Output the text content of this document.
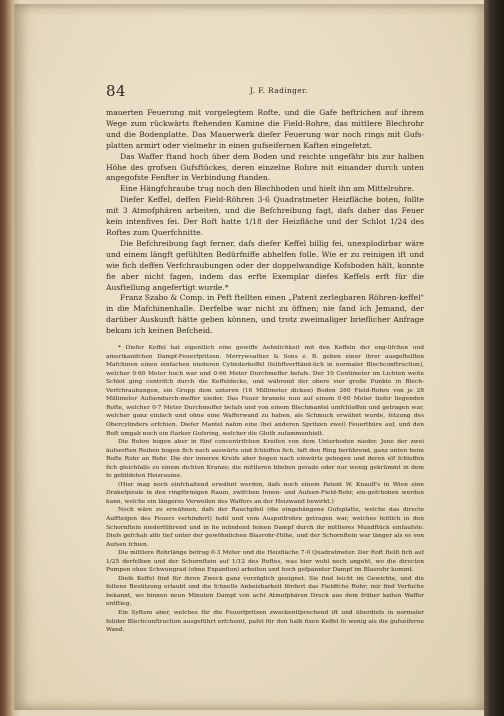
84	J. F. Radinger.

mauerten Feuerung mit vorgelegtem Rofte, und die Gafe beftrichen auf ihrem Wege zum rückwärts ftehenden Kamine die Field-Rohre, das mittlere Blechrohr und die Bodenplatte. Das Mauerwerk diefer Feuerung war noch rings mit Gufs-platten armirt oder vielmehr in einen gufseifernen Kaften eingefetzt.

Das Waffer ftand hoch über dem Boden und reichte ungefähr bis zur halben Höhe des grofsen Gufsftückes, deren einzelne Rohre mit einander durch unten angegofste Fenfter in Verbindung ftanden.

Eine Hängfchraube trug noch den Blechboden und hielt ihn am Mittelrohre.

Diefer Keffel, deffen Field-Röhren 3·6 Quadratmeter Heizfläche boten, follte mit 3 Atmofphären arbeiten, und die Befchreibung fagt, dafs daher das Feuer kein intenfives fei. Der Roft hatte 1/18 der Heizfläche und der Schlot 1/24 des Roftes zum Querfchnitte.

Die Befchreibung fagt ferner, dafs diefer Keffel billig fei, unexplodirbar wäre und einem längft gefühlten Bedürfniffe abhelfen folle. Wie er zu reinigen ift und wie fich deffen Verfchraubungen oder der doppelwandige Kofsboden hält, konnte fie aber nicht fagen, indem das erfte Exemplar diefes Keffels erft für die Ausftellung angefertigt wurde.*

Franz Szabo & Comp. in Peft ftellten einen „Patent zerlegbaren Röhren-keffel" in die Mafchinenhalle. Derfelbe war nicht zu öffnen; nie fand ich Jemand, der darüber Auskunft hätte geben können, und trotz zweimaliger brieflicher Anfrage bekam ich keinen Befcheid.

* Diefer Keffel hat eigentlich eine gewiffe Aehnlichkeit mit den Keffeln der eng-lifchen und amerikanifchen Dampf-Feuerfpritzen. Merryweather & Sons z. B. geben einer ihrer ausgeftellten Mafchinen einen einfachen niederen Cylinderkeffel (felbftverftänd-lich in normaler Blechconftruction), welcher 0·60 Meter hoch war und 0·66 Meter Durchmeffer befafs. Der 19 Centimeter im Lichten weite Schlot ging centrifch durch die Keffeldecke, und während der obere vier große Punkte in Blech-Verfchraubungen, ein Grupp dem unteren (16 Millimeter dicken) Boden 260 Field-Rohre von je 28 Millimeter Aufsendurch-meffer nieder. Das Feuer brannte nun auf einem 0·60 Meter tiefer liegenden Rofte, welcher 0·7 Meter Durchmeffer befafs und von einem Blechmantel umfchloffen und getragen war, welcher ganz einfach und ohne eine Wafferwand zu haben, als Schmuck erwähnt wurde, fetzung des Obercylinders erfchien. Diefer Mantel nahm eine (bei anderen Spritzen zwei) Feuerthüre auf, und den Roft umgab noch ein ftarker Gufsring, welcher die Gluth zufammenhielt.

Die Rohre bogen aber in fünf concentrifchen Kreifen von dem Unterboden nieder. Jene der zwei äufserften Reihen bogen fich nach auswärts und fchloffen fich, faft den Ring berührend, ganz unten beim Rofte Rohr an Rohr. Die der inneren Kreife aber bogen nach einwärts gebogen und deren elf fchloffen fich gleichfalls zu einem dichten Kranze; die mittleren blieben gerade oder nur wenig gekrümmt in dem fo gebildeten Heizraume.

(Hier mag noch einfchaltend erwähnt werden, dafs noch einem Patent W. Knauff's in Wien eine Drakefpirale in den ringförmigen Raum, zwifchen Innen- und Aufsen-Field-Rohr, ein-gefchoben werden kann, welche ein längeres Verweilen des Waffers an der Heizwand bewirkt.)

Noch wäre zu erwähnen, dafs der Rauchpfeil (die eingehängene Gufsplatte, welche das directe Auffteigen des Feuers verhindert) hohl und vom Ausputfrohre getragen war, welches feitlich in den Schornftein niederführend und in fie mündend feinen Dampf durch ihr mittleres Mundftück einfaufste. Diefs gefchah alfo tief unter der gewöhnlichen Blasrohr-Höhe, und der Schornftein war länger als es von Aufsen fchien.

Die mittlere Rohrlänge betrug 0·3 Meter und die Heizfläche 7·0 Quadratmeter. Der Roft ftellt fich auf 1/25 derfelben und der Schornftein auf 1/12 des Roftes, was hier wohl noch angeht, wo die directen Pumpen ohne Schwungrad (ohne Expanfion) arbeiten und hoch gefpannter Dampf im Blasrohr kommt.

Diefe Keffel find für ihren Zweck ganz vorzüglich geeignet. Sie find leicht im Gewichte, und die feltene Beuützung erlaubt und die fchnelle Anheizbarkeit fördert das Fieldfche Rohr; mir find Verfuche bekannt, wo binnen neun Minuten Dampf von acht Atmofphären Druck aus dem früher kalten Waffer entftieg.

Ein Syftem aber, welches für die Feuerfpritzen zweckentfprechend ift und überdiefs in normaler folider Blechconftruction ausgeführt erfcheint, pafst für den halb fixen Keffel fo wenig als die gufseiferne Wand.
